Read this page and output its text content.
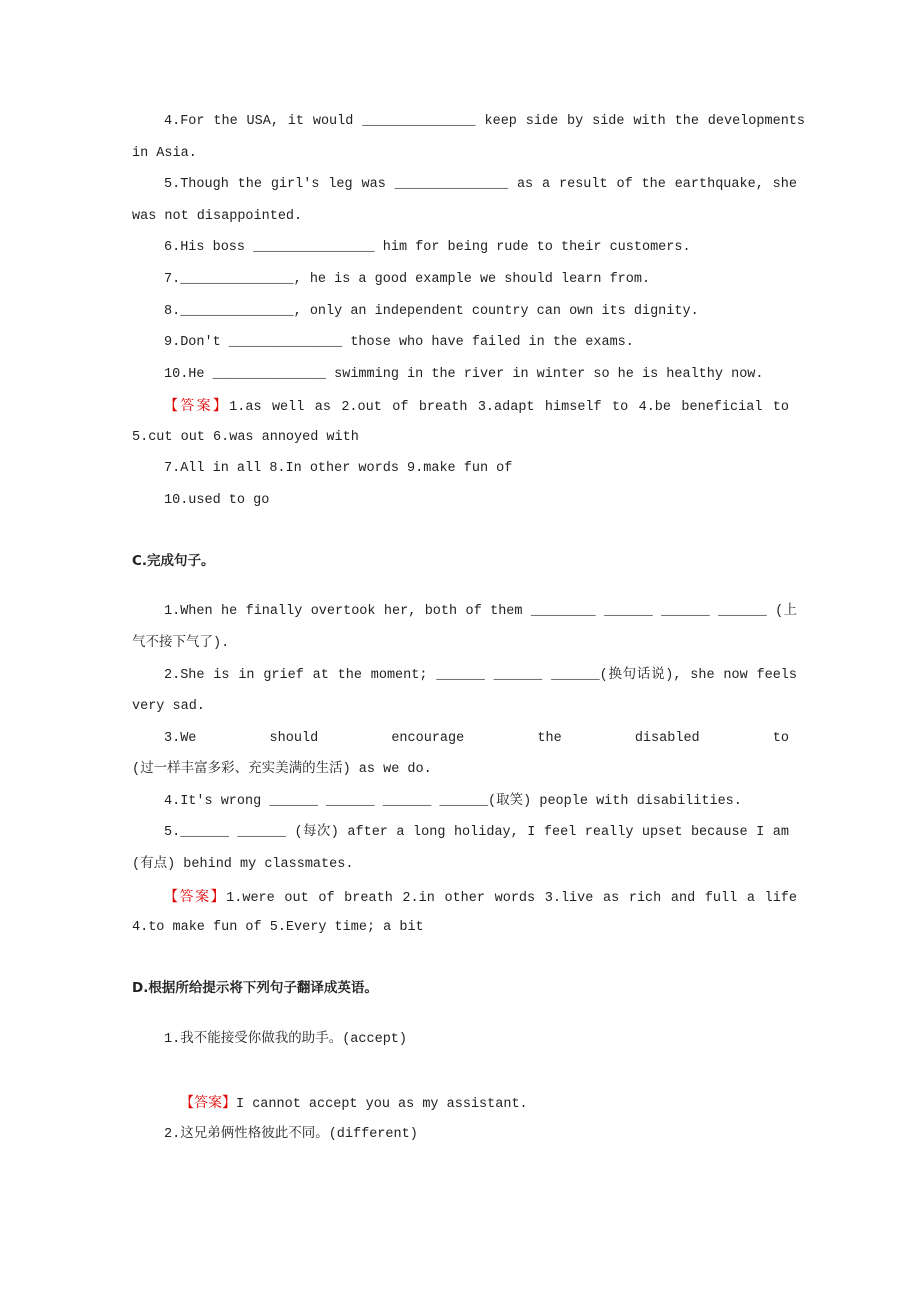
4.For the USA, it would ______________ keep side by side with the developments
in Asia.
5.Though the girl's leg was ______________ as a result of the earthquake, she
was not disappointed.
6.His boss _______________ him for being rude to their customers.
7.______________, he is a good example we should learn from.
8.______________, only an independent country can own its dignity.
9.Don't ______________ those who have failed in the exams.
10.He ______________ swimming in the river in winter so he is healthy now.
【答案】1.as well as 2.out of breath 3.adapt himself to 4.be beneficial to
5.cut out 6.was annoyed with
7.All in all 8.In other words 9.make fun of
10.used to go
C.完成句子。
1.When he finally overtook her, both of them ________ ______ ______ ______ (上
气不接下气了).
2.She is in grief at the moment; ______ ______ ______(换句话说), she now feels
very sad.
3.We should encourage the disabled to
(过一样丰富多彩、充实美满的生活) as we do.
4.It's wrong ______ ______ ______ ______(取笑) people with disabilities.
5.______ ______ (每次) after a long holiday, I feel really upset because I am
(有点) behind my classmates.
【答案】1.were out of breath 2.in other words 3.live as rich and full a life
4.to make fun of 5.Every time; a bit
D.根据所给提示将下列句子翻译成英语。
1.我不能接受你做我的助手。(accept)
【答案】I cannot accept you as my assistant.
2.这兄弟俩性格彼此不同。(different)
